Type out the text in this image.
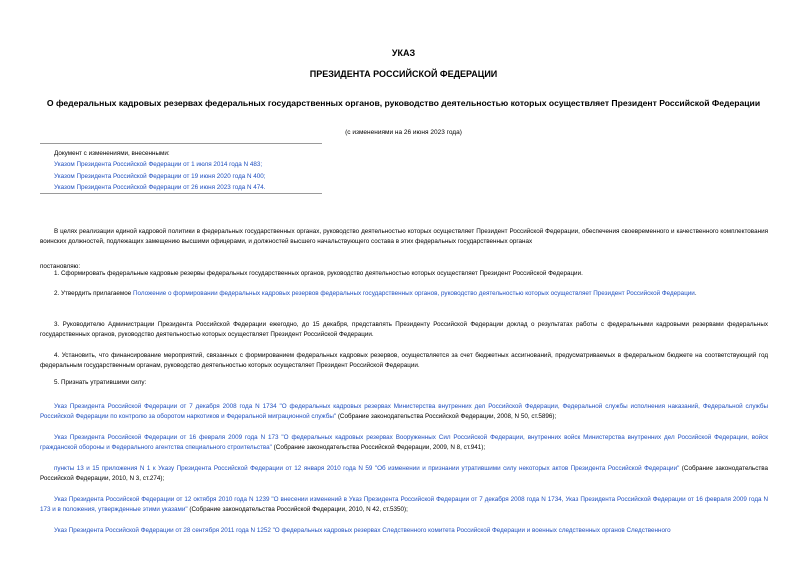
УКАЗ
ПРЕЗИДЕНТА РОССИЙСКОЙ ФЕДЕРАЦИИ
О федеральных кадровых резервах федеральных государственных органов, руководство деятельностью которых осуществляет Президент Российской Федерации
(с изменениями на 26 июня 2023 года)
Документ с изменениями, внесенными:
Указом Президента Российской Федерации от 1 июля 2014 года N 483;
Указом Президента Российской Федерации от 19 июня 2020 года N 400;
Указом Президента Российской Федерации от 26 июня 2023 года N 474.
В целях реализации единой кадровой политики в федеральных государственных органах, руководство деятельностью которых осуществляет Президент Российской Федерации, обеспечения своевременного и качественного комплектования воинских должностей, подлежащих замещению высшими офицерами, и должностей высшего начальствующего состава в этих федеральных государственных органах
постановляю:
1. Сформировать федеральные кадровые резервы федеральных государственных органов, руководство деятельностью которых осуществляет Президент Российской Федерации.
2. Утвердить прилагаемое Положение о формировании федеральных кадровых резервов федеральных государственных органов, руководство деятельностью которых осуществляет Президент Российской Федерации.
3. Руководителю Администрации Президента Российской Федерации ежегодно, до 15 декабря, представлять Президенту Российской Федерации доклад о результатах работы с федеральными кадровыми резервами федеральных государственных органов, руководство деятельностью которых осуществляет Президент Российской Федерации.
4. Установить, что финансирование мероприятий, связанных с формированием федеральных кадровых резервов, осуществляется за счет бюджетных ассигнований, предусматриваемых в федеральном бюджете на соответствующий год федеральным государственным органам, руководство деятельностью которых осуществляет Президент Российской Федерации.
5. Признать утратившими силу:
Указ Президента Российской Федерации от 7 декабря 2008 года N 1734 "О федеральных кадровых резервах Министерства внутренних дел Российской Федерации, Федеральной службы исполнения наказаний, Федеральной службы Российской Федерации по контролю за оборотом наркотиков и Федеральной миграционной службы" (Собрание законодательства Российской Федерации, 2008, N 50, ст.5896);
Указ Президента Российской Федерации от 16 февраля 2009 года N 173 "О федеральных кадровых резервах Вооруженных Сил Российской Федерации, внутренних войск Министерства внутренних дел Российской Федерации, войск гражданской обороны и Федерального агентства специального строительства" (Собрание законодательства Российской Федерации, 2009, N 8, ст.941);
пункты 13 и 15 приложения N 1 к Указу Президента Российской Федерации от 12 января 2010 года N 59 "Об изменении и признании утратившими силу некоторых актов Президента Российской Федерации" (Собрание законодательства Российской Федерации, 2010, N 3, ст.274);
Указ Президента Российской Федерации от 12 октября 2010 года N 1239 "О внесении изменений в Указ Президента Российской Федерации от 7 декабря 2008 года N 1734, Указ Президента Российской Федерации от 16 февраля 2009 года N 173 и в положения, утвержденные этими указами" (Собрание законодательства Российской Федерации, 2010, N 42, ст.5350);
Указ Президента Российской Федерации от 28 сентября 2011 года N 1252 "О федеральных кадровых резервах Следственного комитета Российской Федерации и военных следственных органов Следственного
